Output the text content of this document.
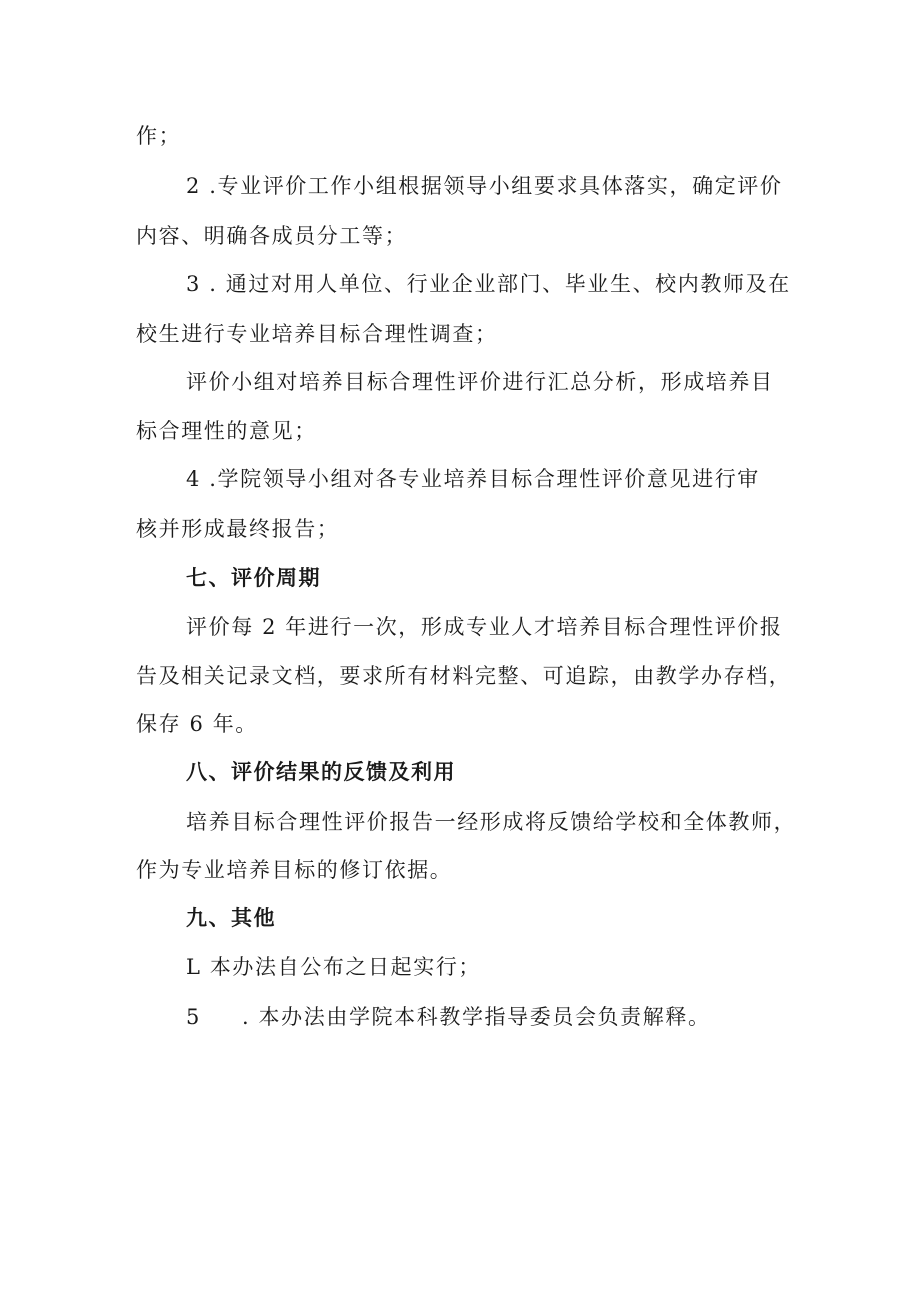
作；
2 .专业评价工作小组根据领导小组要求具体落实，确定评价
内容、明确各成员分工等；
3 . 通过对用人单位、行业企业部门、毕业生、校内教师及在
校生进行专业培养目标合理性调查；
评价小组对培养目标合理性评价进行汇总分析，形成培养目
标合理性的意见；
4 .学院领导小组对各专业培养目标合理性评价意见进行审
核并形成最终报告；
七、评价周期
评价每 2 年进行一次，形成专业人才培养目标合理性评价报
告及相关记录文档，要求所有材料完整、可追踪，由教学办存档，
保存 6 年。
八、评价结果的反馈及利用
培养目标合理性评价报告一经形成将反馈给学校和全体教师，
作为专业培养目标的修订依据。
九、其他
L 本办法自公布之日起实行；
5 . 本办法由学院本科教学指导委员会负责解释。
